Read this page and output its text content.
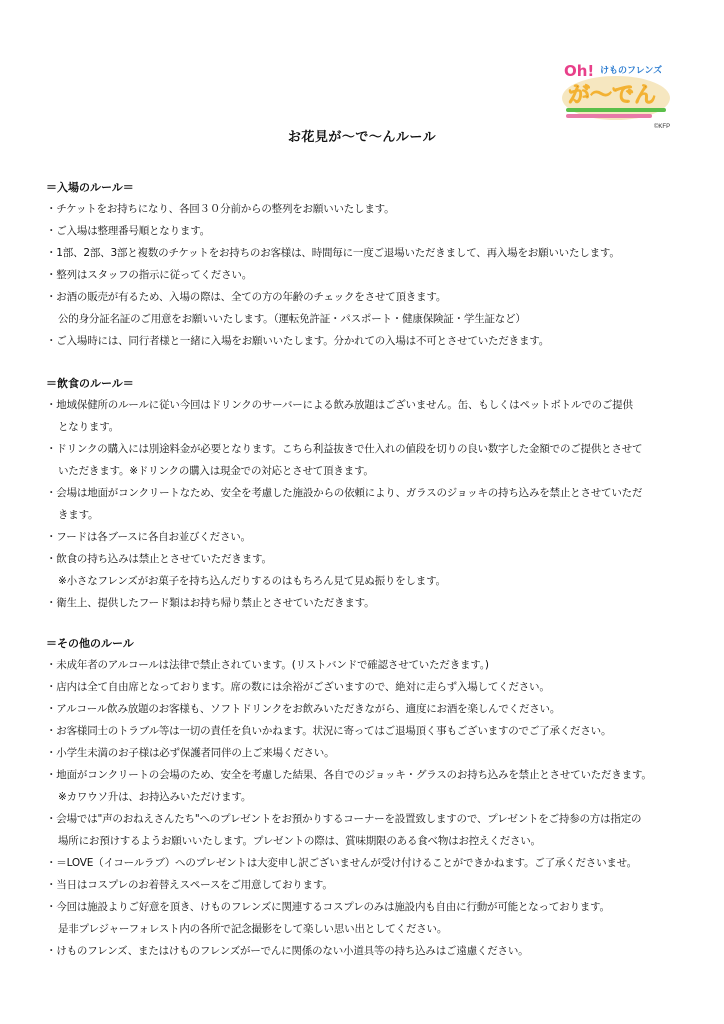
Oh! けものフレンズ
が〜でん
©KFP
お花見が〜で〜んルール
＝入場のルール＝
・チケットをお持ちになり、各回３０分前からの整列をお願いいたします。
・ご入場は整理番号順となります。
・1部、2部、3部と複数のチケットをお持ちのお客様は、時間毎に一度ご退場いただきまして、再入場をお願いいたします。
・整列はスタッフの指示に従ってください。
・お酒の販売が有るため、入場の際は、全ての方の年齢のチェックをさせて頂きます。
公的身分証名証のご用意をお願いいたします。（運転免許証・パスポート・健康保険証・学生証など）
・ご入場時には、同行者様と一緒に入場をお願いいたします。分かれての入場は不可とさせていただきます。
＝飲食のルール＝
・地域保健所のルールに従い今回はドリンクのサーバーによる飲み放題はございません。缶、もしくはペットボトルでのご提供
となります。
・ドリンクの購入には別途料金が必要となります。こちら利益抜きで仕入れの値段を切りの良い数字した金額でのご提供とさせて
いただきます。※ドリンクの購入は現金での対応とさせて頂きます。
・会場は地面がコンクリートなため、安全を考慮した施設からの依頼により、ガラスのジョッキの持ち込みを禁止とさせていただ
きます。
・フードは各ブースに各自お並びください。
・飲食の持ち込みは禁止とさせていただきます。
※小さなフレンズがお菓子を持ち込んだりするのはもちろん見て見ぬ振りをします。
・衛生上、提供したフード類はお持ち帰り禁止とさせていただきます。
＝その他のルール
・未成年者のアルコールは法律で禁止されています。(リストバンドで確認させていただきます。)
・店内は全て自由席となっております。席の数には余裕がございますので、絶対に走らず入場してください。
・アルコール飲み放題のお客様も、ソフトドリンクをお飲みいただきながら、適度にお酒を楽しんでください。
・お客様同士のトラブル等は一切の責任を負いかねます。状況に寄ってはご退場頂く事もございますのでご了承ください。
・小学生未満のお子様は必ず保護者同伴の上ご来場ください。
・地面がコンクリートの会場のため、安全を考慮した結果、各自でのジョッキ・グラスのお持ち込みを禁止とさせていただきます。
※カワウソ升は、お持込みいただけます。
・会場では"声のおねえさんたち"へのプレゼントをお預かりするコーナーを設置致しますので、プレゼントをご持参の方は指定の
場所にお預けするようお願いいたします。プレゼントの際は、賞味期限のある食べ物はお控えください。
・＝LOVE（イコールラブ）へのプレゼントは大変申し訳ございませんが受け付けることができかねます。ご了承くださいませ。
・当日はコスプレのお着替えスペースをご用意しております。
・今回は施設よりご好意を頂き、けものフレンズに関連するコスプレのみは施設内も自由に行動が可能となっております。
是非プレジャーフォレスト内の各所で記念撮影をして楽しい思い出としてください。
・けものフレンズ、またはけものフレンズがーでんに関係のない小道具等の持ち込みはご遠慮ください。
